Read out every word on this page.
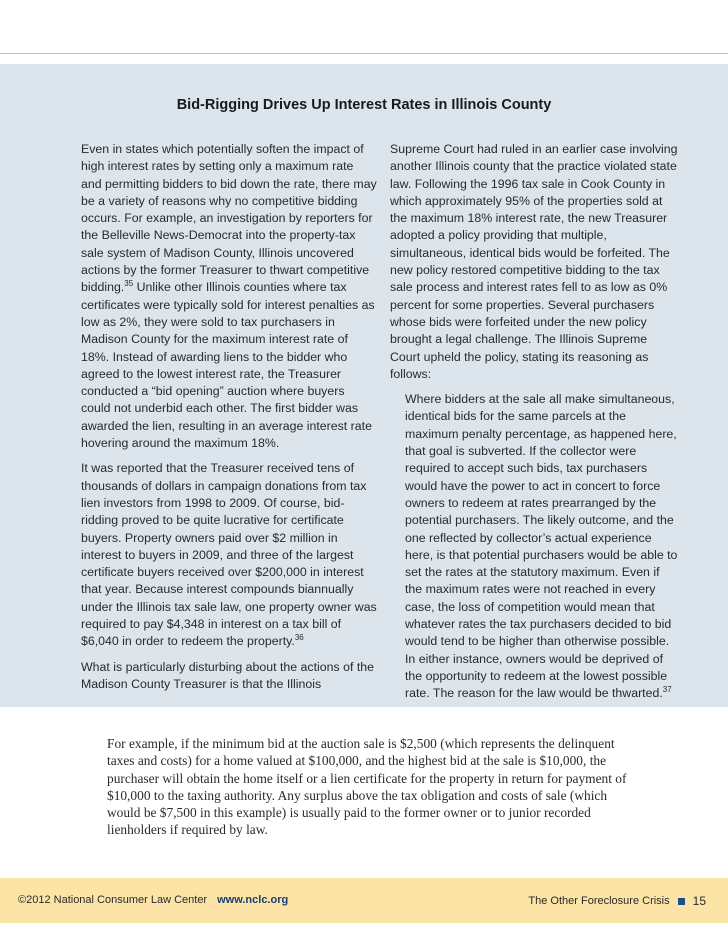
Bid-Rigging Drives Up Interest Rates in Illinois County

Even in states which potentially soften the impact of high interest rates by setting only a maximum rate and permitting bidders to bid down the rate, there may be a variety of reasons why no competitive bidding occurs. For example, an investigation by reporters for the Belleville News-Democrat into the property-tax sale system of Madison County, Illinois uncovered actions by the former Treasurer to thwart competitive bidding.$^{35}$ Unlike other Illinois counties where tax certificates were typically sold for interest penalties as low as 2%, they were sold to tax purchasers in Madison County for the maximum interest rate of 18%. Instead of awarding liens to the bidder who agreed to the lowest interest rate, the Treasurer conducted a “bid opening” auction where buyers could not underbid each other. The first bidder was awarded the lien, resulting in an average interest rate hovering around the maximum 18%.

It was reported that the Treasurer received tens of thousands of dollars in campaign donations from tax lien investors from 1998 to 2009. Of course, bid-ridding proved to be quite lucrative for certificate buyers. Property owners paid over $2 million in interest to buyers in 2009, and three of the largest certificate buyers received over $200,000 in interest that year. Because interest compounds biannually under the Illinois tax sale law, one property owner was required to pay $4,348 in interest on a tax bill of $6,040 in order to redeem the property.$^{36}$

What is particularly disturbing about the actions of the Madison County Treasurer is that the Illinois

Supreme Court had ruled in an earlier case involving another Illinois county that the practice violated state law. Following the 1996 tax sale in Cook County in which approximately 95% of the properties sold at the maximum 18% interest rate, the new Treasurer adopted a policy providing that multiple, simultaneous, identical bids would be forfeited. The new policy restored competitive bidding to the tax sale process and interest rates fell to as low as 0% percent for some properties. Several purchasers whose bids were forfeited under the new policy brought a legal challenge. The Illinois Supreme Court upheld the policy, stating its reasoning as follows:

Where bidders at the sale all make simultaneous, identical bids for the same parcels at the maximum penalty percentage, as happened here, that goal is subverted. If the collector were required to accept such bids, tax purchasers would have the power to act in concert to force owners to redeem at rates prearranged by the potential purchasers. The likely outcome, and the one reflected by collector’s actual experience here, is that potential purchasers would be able to set the rates at the statutory maximum. Even if the maximum rates were not reached in every case, the loss of competition would mean that whatever rates the tax purchasers decided to bid would tend to be higher than otherwise possible. In either instance, owners would be deprived of the opportunity to redeem at the lowest possible rate. The reason for the law would be thwarted.$^{37}$

For example, if the minimum bid at the auction sale is $2,500 (which represents the delinquent taxes and costs) for a home valued at $100,000, and the highest bid at the sale is $10,000, the purchaser will obtain the home itself or a lien certificate for the property in return for payment of $10,000 to the taxing authority. Any surplus above the tax obligation and costs of sale (which would be $7,500 in this example) is usually paid to the former owner or to junior recorded lienholders if required by law.

©2012 National Consumer Law Center www.nclc.org	The Other Foreclosure Crisis 15
